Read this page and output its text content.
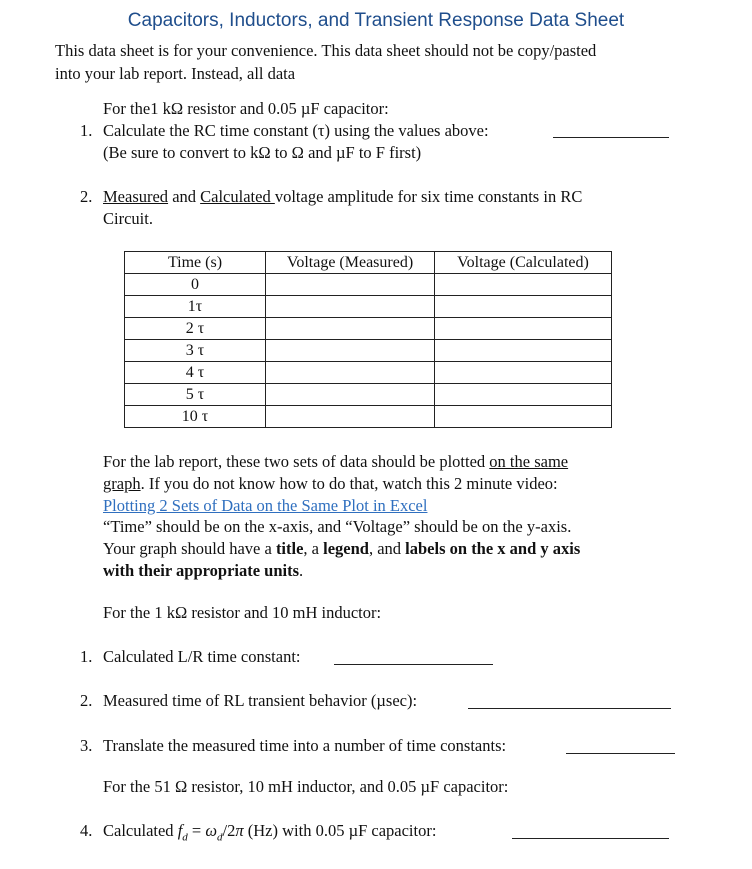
Capacitors, Inductors, and Transient Response Data Sheet
This data sheet is for your convenience. This data sheet should not be copy/pasted
into your lab report. Instead, all data
For the1 kΩ resistor and 0.05 µF capacitor:
1. Calculate the RC time constant (τ) using the values above:
(Be sure to convert to kΩ to Ω and µF to F first)
2. Measured and Calculated voltage amplitude for six time constants in RC
Circuit.
Time (s)	Voltage (Measured)	Voltage (Calculated)
0		
1τ		
2 τ		
3 τ		
4 τ		
5 τ		
10 τ		
For the lab report, these two sets of data should be plotted on the same
graph. If you do not know how to do that, watch this 2 minute video:
Plotting 2 Sets of Data on the Same Plot in Excel
“Time” should be on the x-axis, and “Voltage” should be on the y-axis.
Your graph should have a title, a legend, and labels on the x and y axis
with their appropriate units.
For the 1 kΩ resistor and 10 mH inductor:
1. Calculated L/R time constant:
2. Measured time of RL transient behavior (µsec):
3. Translate the measured time into a number of time constants:
For the 51 Ω resistor, 10 mH inductor, and 0.05 µF capacitor:
4. Calculated $f_d = \omega_d/2\pi$ (Hz) with 0.05 µF capacitor:
